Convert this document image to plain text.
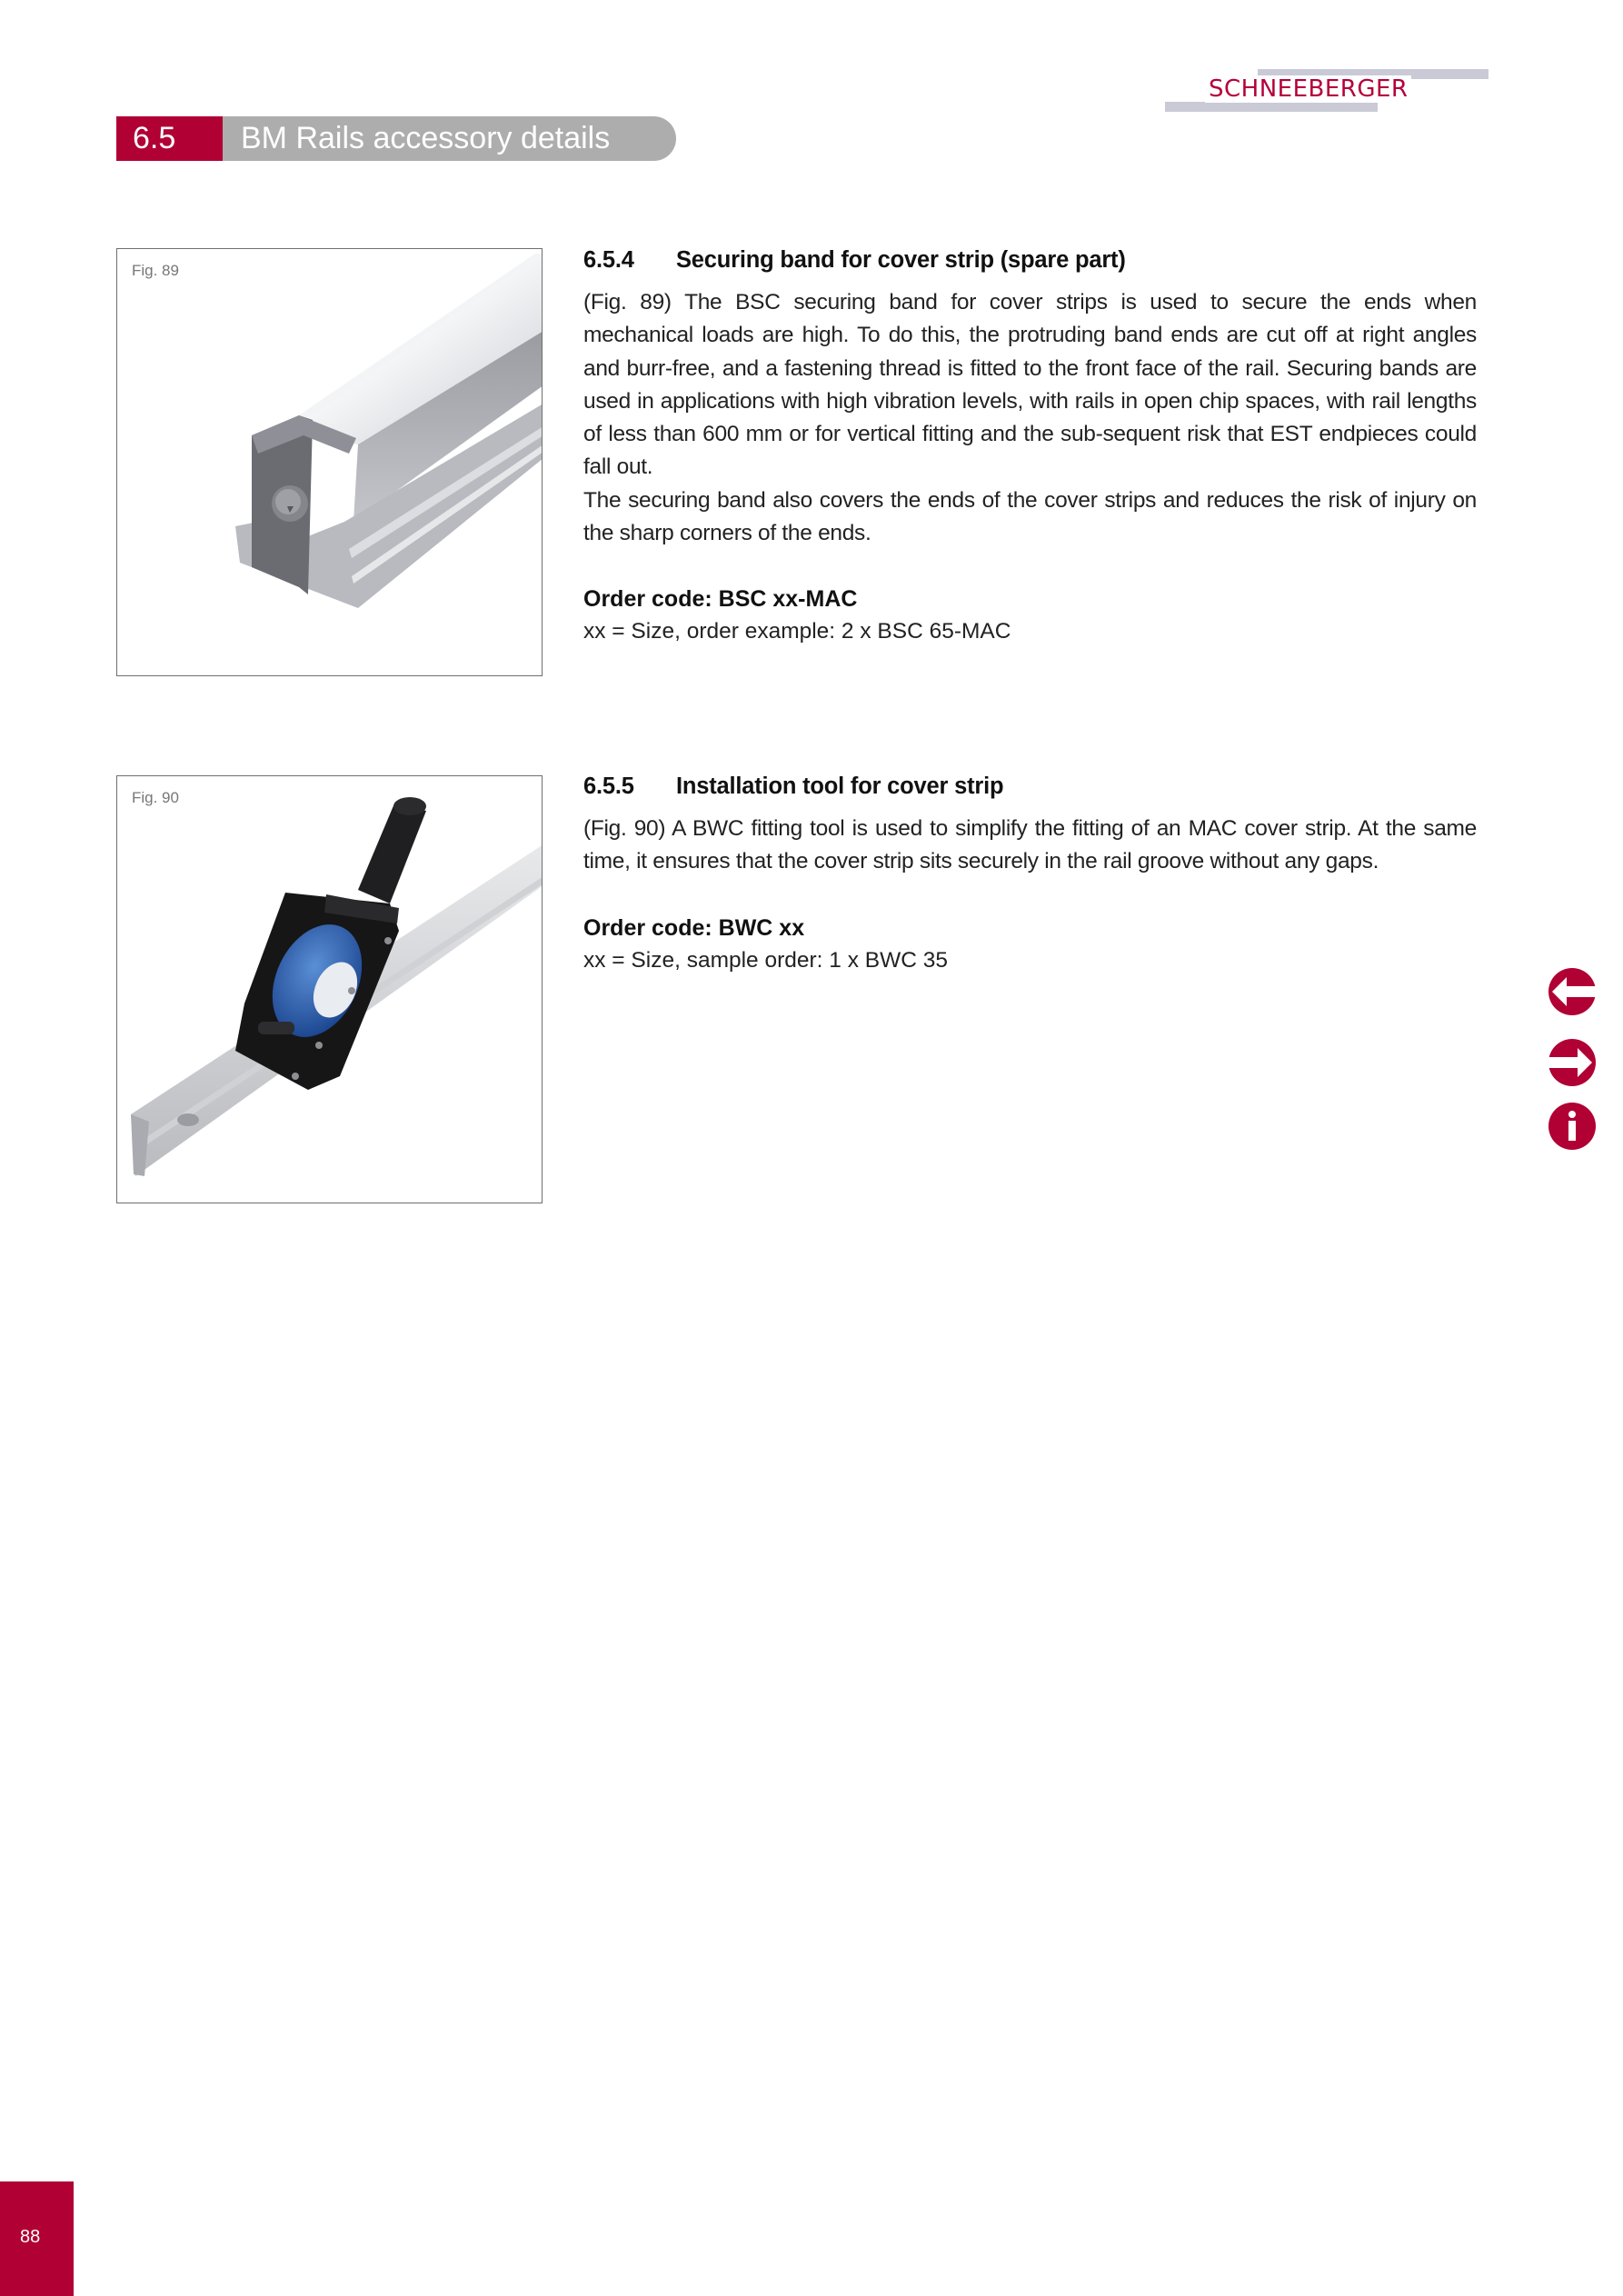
SCHNEEBERGER
6.5	BM Rails accessory details
Fig. 89
Fig. 90
6.5.4 Securing band for cover strip (spare part)

(Fig. 89) The BSC securing band for cover strips is used to secure the ends when mechanical loads are high. To do this, the protruding band ends are cut off at right angles and burr-free, and a fastening thread is fitted to the front face of the rail. Securing bands are used in applications with high vibration levels, with rails in open chip spaces, with rail lengths of less than 600 mm or for vertical fitting and the sub-sequent risk that EST endpieces could fall out.

The securing band also covers the ends of the cover strips and reduces the risk of injury on the sharp corners of the ends.

Order code: BSC xx-MAC
xx = Size, order example: 2 x BSC 65-MAC
6.5.5 Installation tool for cover strip

(Fig. 90) A BWC fitting tool is used to simplify the fitting of an MAC cover strip. At the same time, it ensures that the cover strip sits securely in the rail groove without any gaps.

Order code: BWC xx
xx = Size, sample order: 1 x BWC 35
88
